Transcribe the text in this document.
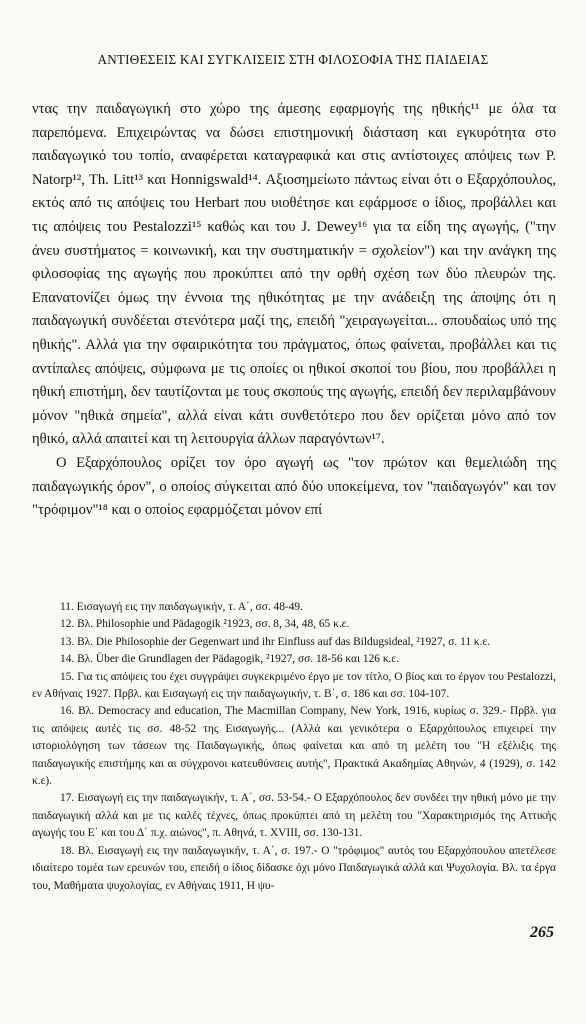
ΑΝΤΙΘΕΣΕΙΣ ΚΑΙ ΣΥΓΚΛΙΣΕΙΣ ΣΤΗ ΦΙΛΟΣΟΦΙΑ ΤΗΣ ΠΑΙΔΕΙΑΣ

ντας την παιδαγωγική στο χώρο της άμεσης εφαρμογής της ηθικής¹¹ με όλα τα παρεπόμενα. Επιχειρώντας να δώσει επιστημονική διάσταση και εγκυρότητα στο παιδαγωγικό του τοπίο, αναφέρεται καταγραφικά και στις αντίστοιχες απόψεις των P. Natorp¹², Th. Litt¹³ και Honnigswald¹⁴. Αξιοσημείωτο πάντως είναι ότι ο Εξαρχόπουλος, εκτός από τις απόψεις του Herbart που υιοθέτησε και εφάρμοσε ο ίδιος, προβάλλει και τις απόψεις του Pestalozzi¹⁵ καθώς και του J. Dewey¹⁶ για τα είδη της αγωγής, ("την άνευ συστήματος = κοινωνική, και την συστηματικήν = σχολείον") και την ανάγκη της φιλοσοφίας της αγωγής που προκύπτει από την ορθή σχέση των δύο πλευρών της. Επανατονίζει όμως την έννοια της ηθικότητας με την ανάδειξη της άποψης ότι η παιδαγωγική συνδέεται στενότερα μαζί της, επειδή "χειραγωγείται... σπουδαίως υπό της ηθικής". Αλλά για την σφαιρικότητα του πράγματος, όπως φαίνεται, προβάλλει και τις αντίπαλες απόψεις, σύμφωνα με τις οποίες οι ηθικοί σκοποί του βίου, που προβάλλει η ηθική επιστήμη, δεν ταυτίζονται με τους σκοπούς της αγωγής, επειδή δεν περιλαμβάνουν μόνον "ηθικά σημεία", αλλά είναι κάτι συνθετότερο που δεν ορίζεται μόνο από τον ηθικό, αλλά απαιτεί και τη λειτουργία άλλων παραγόντων¹⁷.

Ο Εξαρχόπουλος ορίζει τον όρο αγωγή ως "τον πρώτον και θεμελιώδη της παιδαγωγικής όρον", ο οποίος σύγκειται από δύο υποκείμενα, τον "παιδαγωγόν" και τον "τρόφιμον"¹⁸ και ο οποίος εφαρμόζεται μόνον επί

11. Εισαγωγή εις την παιδαγωγικήν, τ. Α΄, σσ. 48-49.

12. Βλ. Philosophie und Pädagogik ²1923, σσ. 8, 34, 48, 65 κ.ε.

13. Βλ. Die Philosophie der Gegenwart und ihr Einfluss auf das Bildugsideal, ²1927, σ. 11 κ.ε.

14. Βλ. Über die Grundlagen der Pädagogik, ²1927, σσ. 18-56 και 126 κ.ε.

15. Για τις απόψεις του έχει συγγράψει συγκεκριμένο έργο με τον τίτλο, Ο βίος και το έργον του Pestalozzi, εν Αθήναις 1927. Πρβλ. και Εισαγωγή εις την παιδαγωγικήν, τ. Β΄, σ. 186 και σσ. 104-107.

16. Βλ. Democracy and education, The Macmillan Company, New York, 1916, κυρίως σ. 329.- Πρβλ. για τις απόψεις αυτές τις σσ. 48-52 της Εισαγωγής... (Αλλά και γενικότερα ο Εξαρχόπουλος επιχειρεί την ιστοριολόγηση των τάσεων της Παιδαγωγικής, όπως φαίνεται και από τη μελέτη του "Η εξέλιξις της παιδαγωγικής επιστήμης και αι σύγχρονοι κατευθύνσεις αυτής", Πρακτικά Ακαδημίας Αθηνών, 4 (1929), σ. 142 κ.ε).

17. Εισαγωγή εις την παιδαγωγικήν, τ. Α΄, σσ. 53-54.- Ο Εξαρχόπουλος δεν συνδέει την ηθική μόνο με την παιδαγωγική αλλά και με τις καλές τέχνες, όπως προκύπτει από τη μελέτη του "Χαρακτηρισμός της Αττικής αγωγής του Ε΄ και του Δ΄ π.χ. αιώνος", π. Αθηνά, τ. XVIII, σσ. 130-131.

18. Βλ. Εισαγωγή εις την παιδαγωγικήν, τ. Α΄, σ. 197.- Ο "τρόφιμος" αυτός του Εξαρχόπουλου απετέλεσε ιδιαίτερο τομέα των ερευνών του, επειδή ο ίδιος δίδασκε όχι μόνο Παιδαγωγικά αλλά και Ψυχολογία. Βλ. τα έργα του, Μαθήματα ψυχολογίας, εν Αθήναις 1911, Η ψυ-

265
